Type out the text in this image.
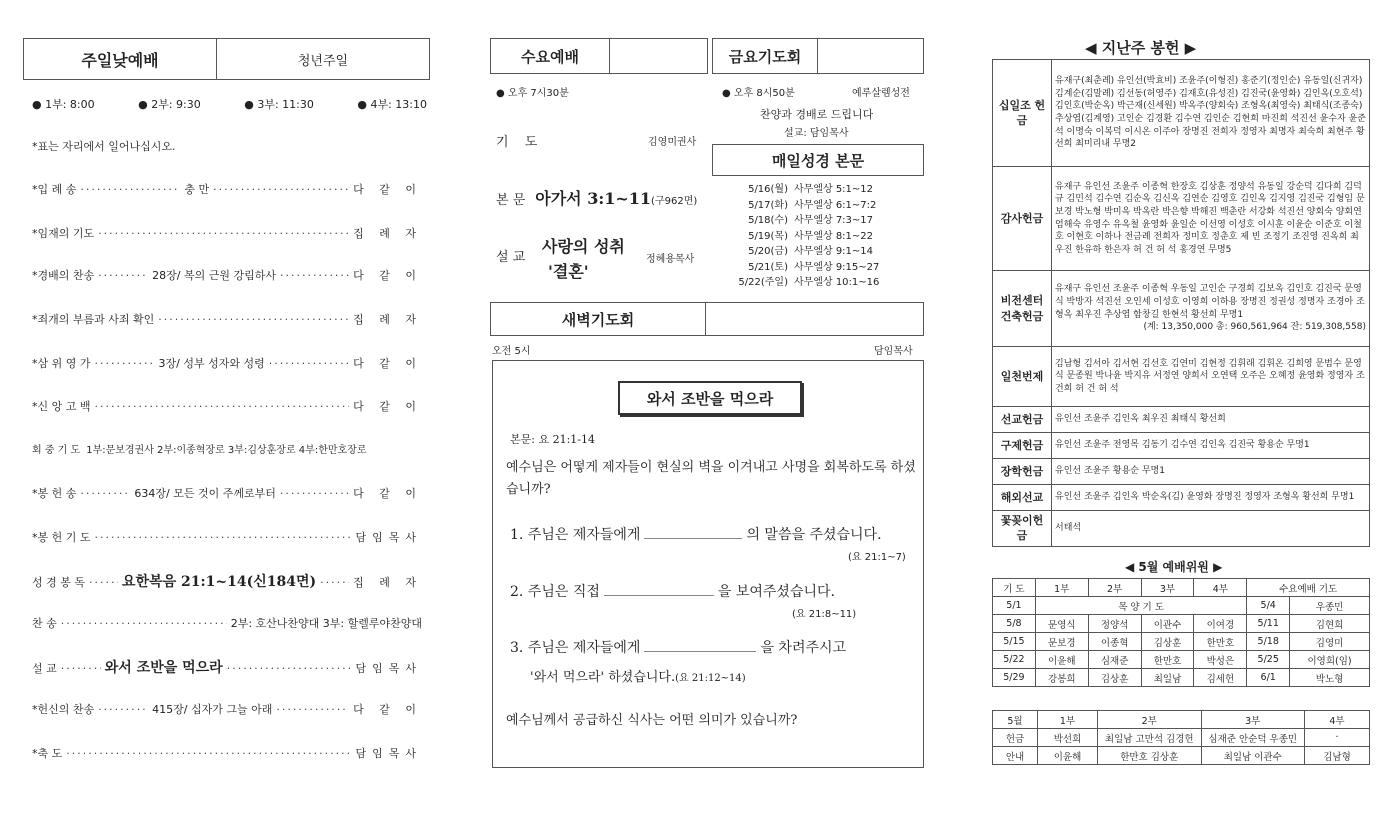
주일낮예배	청년주일
● 1부: 8:00	● 2부: 9:30	● 3부: 11:30	● 4부: 13:10
*표는 자리에서 일어나십시오.
*입 례 송 ·····	충 만 ·····	다 같 이
*임재의 기도 ·····	집 례 자
*경배의 찬송 ·····	28장/ 복의 근원 강림하사 ·····	다 같 이
*죄개의 부름과 사죄 확인 ·····	집 례 자
*삼 위 영 가 ·····	3장/ 성부 성자와 성령 ·····	다 같 이
*신 앙 고 백 ·····	다 같 이
회 중 기 도 1부:문보경권사 2부:이종혁장로 3부:김상훈장로 4부:한만호장로
*봉 헌 송 ·····	634장/ 모든 것이 주께로부터 ·····	다 같 이
*봉 헌 기 도 ·····	담임목사
성 경 봉 독 ·····	요한복음 21:1~14(신184면) ·····	집 례 자
찬 송 ·····	2부: 호산나찬양대 3부: 할렐루야찬양대
설 교 ·····	와서 조반을 먹으라 ·····	담임목사
*헌신의 찬송 ·····	415장/ 십자가 그늘 아래 ·····	다 같 이
*축 도 ·····	담임목사
수요예배	금요기도회
● 오후 7시30분	● 오후 8시50분	예루살렘성전
찬양과 경배로 드립니다
설교: 담임목사
기 도	김영미권사
매일성경 본문
5/16(월) 사무엘상 5:1~12
5/17(화) 사무엘상 6:1~7:2
5/18(수) 사무엘상 7:3~17
5/19(목) 사무엘상 8:1~22
5/20(금) 사무엘상 9:1~14
5/21(토) 사무엘상 9:15~27
5/22(주일) 사무엘상 10:1~16
본 문 아가서 3:1~11 (구962면)
설 교
사랑의 성취
'결혼'
정혜용목사
새벽기도회
오전 5시	담임목사
와서 조반을 먹으라
본문: 요 21:1-14
예수님은 어떻게 제자들이 현실의 벽을 이겨내고 사명을 회복하도록 하셨습니까?
1. 주님은 제자들에게	의 말씀을 주셨습니다.
(요 21:1~7)
2. 주님은 직접	을 보여주셨습니다.
(요 21:8~11)
3. 주님은 제자들에게	을 차려주시고
'와서 먹으라' 하셨습니다.(요 21:12~14)
예수님께서 공급하신 식사는 어떤 의미가 있습니까?
◀ 지난주 봉헌 ▶
십일조 헌금	유재구(최춘례) 유인선(박효비) 조윤주(이형진) 홍준기(정인순) 유동일(신귀자) 김계순(김말례) 김선동(허영주) 김재호(유성진) 김진국(윤영화) 김인옥(오호석) 김인호(박순옥) 박근재(신세원) 박옥주(양회숙) 조형옥(최영숙) 최태식(조종숙) 추상엽(김계영) 고인순 김경환 김수연 김인순 김현희 마진희 석진선 윤수자 윤준석 이명숙 이복덕 이시온 이주아 장명진 전희자 정영자 최명자 최숙희 최현주 황선희 최미리내 무명2
감사헌금	유재구 유인선 조윤주 이종혁 한장호 김상훈 정양석 유동일 강순덕 김다희 김덕규 김민석 김수연 김순옥 김신옥 김연순 김영호 김인옥 김지영 김진국 김형임 문보경 박노형 박미옥 박옥란 박은향 박해진 백춘란 서강화 석진선 양회숙 양회연 엄해숙 유영수 유옥철 윤영화 윤일순 이선영 이성호 이시훈 이윤순 이준호 이철호 이현호 이하나 전금례 전희자 정미호 정춘호 제 빈 조정기 조진영 진옥희 최우진 한유하 한은자 허 건 허 석 홍경연 무명5
비전센터 건축헌금	유재구 유인선 조윤주 이종혁 우동일 고인순 구경희 김보옥 김인호 김진국 문영식 박방자 석진선 오인세 이성호 이영희 이하용 장명진 정권성 정명자 조경아 조형옥 최우진 추상엽 함창길 한현석 황선희 무명1
(계: 13,350,000 총: 960,561,964 잔: 519,308,558)

일천번제	김남형 김서아 김서현 김선호 김연미 김현정 김휘래 김휘온 김희영 문범수 문영식 문종원 박나윤 박지유 서정연 양희서 오연택 오주은 오혜정 윤영화 정영자 조건희 허 건 허 석
선교헌금	유인선 조윤주 김인옥 최우진 최태식 황선희
구제헌금	유인선 조윤주 전영목 김동기 김수연 김인옥 김진국 황용순 무명1
장학헌금	유인선 조윤주 황용순 무명1
해외선교	유인선 조윤주 김인옥 박순옥(김) 윤영화 장명진 정영자 조형옥 황선희 무명1
꽃꽂이헌금	서태석
◀ 5월 예배위원 ▶
기 도	1부	2부	3부	4부	수요예배 기도	
5/1	목 양 기 도				5/4	우종민
5/8	문영식	정양석	이관수	이여경	5/11	김현희
5/15	문보경	이종혁	김상훈	한만호	5/18	김영미
5/22	이윤해	심재준	한만호	박성은	5/25	이영희(임)
5/29	강봉희	김상훈	최일남	김세헌	6/1	박노형
5월	1부	2부	3부	4부
헌금	박선희	최일남 고만석 김경헌	심재준 안순덕 우종민	·
안내	이윤해	한만호 김상훈	최일남 이관수	김남형
